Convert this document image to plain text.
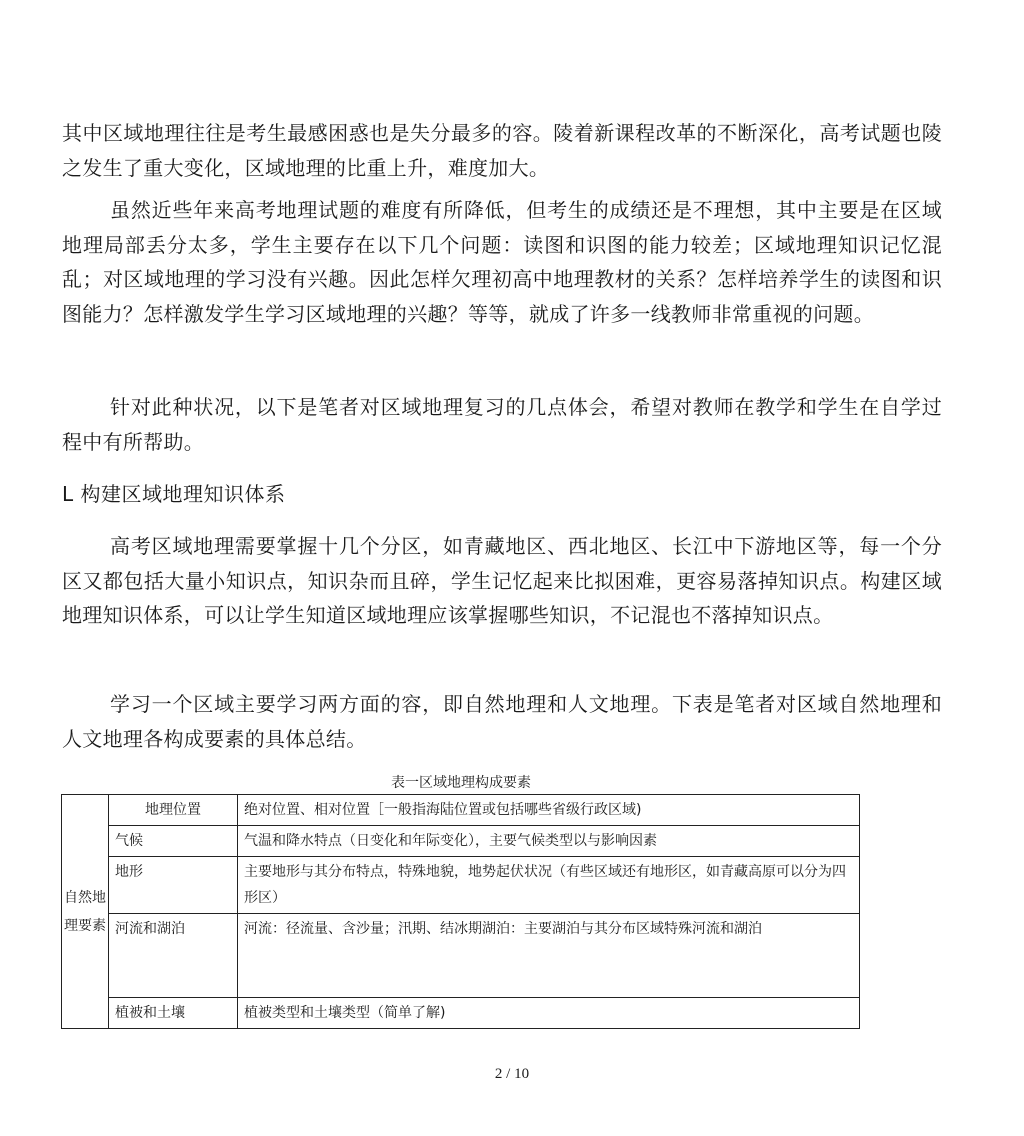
其中区域地理往往是考生最感困惑也是失分最多的容。陵着新课程改革的不断深化，高考试题也陵之发生了重大变化，区域地理的比重上升，难度加大。

虽然近些年来高考地理试题的难度有所降低，但考生的成绩还是不理想，其中主要是在区域地理局部丢分太多，学生主要存在以下几个问题：读图和识图的能力较差；区域地理知识记忆混乱；对区域地理的学习没有兴趣。因此怎样欠理初高中地理教材的关系？怎样培养学生的读图和识图能力？怎样激发学生学习区域地理的兴趣？等等，就成了许多一线教师非常重视的问题。

针对此种状况，以下是笔者对区域地理复习的几点体会，希望对教师在教学和学生在自学过程中有所帮助。

L 构建区域地理知识体系

高考区域地理需要掌握十几个分区，如青藏地区、西北地区、长江中下游地区等，每一个分区又都包括大量小知识点，知识杂而且碎，学生记忆起来比拟困难，更容易落掉知识点。构建区域地理知识体系，可以让学生知道区域地理应该掌握哪些知识，不记混也不落掉知识点。

学习一个区域主要学习两方面的容，即自然地理和人文地理。下表是笔者对区域自然地理和人文地理各构成要素的具体总结。

表一区域地理构成要素
自然地理要素	地理位置	绝对位置、相对位置［一般指海陆位置或包括哪些省级行政区域)
	气候	气温和降水特点（日变化和年际变化），主要气候类型以与影响因素
	地形	主要地形与其分布特点，特殊地貌，地势起伏状况（有些区域还有地形区，如青藏高原可以分为四形区）
	河流和湖泊	河流：径流量、含沙量；汛期、结冰期湖泊：主要湖泊与其分布区域特殊河流和湖泊
	植被和土壤	植被类型和土壤类型（简单了解)
2 / 10
